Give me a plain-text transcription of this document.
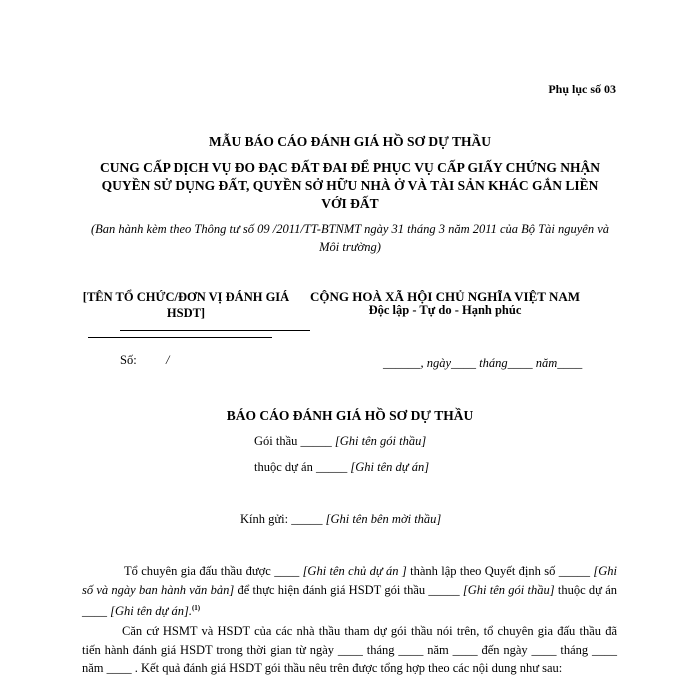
Phụ lục số 03
MẪU BÁO CÁO ĐÁNH GIÁ HỒ SƠ DỰ THẦU
CUNG CẤP DỊCH VỤ ĐO ĐẠC ĐẤT ĐAI ĐỂ PHỤC VỤ CẤP GIẤY CHỨNG NHẬN QUYỀN SỬ DỤNG ĐẤT, QUYỀN SỞ HỮU NHÀ Ở VÀ TÀI SẢN KHÁC GẮN LIỀN VỚI ĐẤT
(Ban hành kèm theo Thông tư số 09 /2011/TT-BTNMT ngày 31 tháng 3 năm 2011 của Bộ Tài nguyên và Môi trường)
[TÊN TỔ CHỨC/ĐƠN VỊ ĐÁNH GIÁ HSDT]
CỘNG HOÀ XÃ HỘI CHỦ NGHĨA VIỆT NAM
Độc lập - Tự do - Hạnh phúc
Số: /	______, ngày____ tháng____ năm____
BÁO CÁO ĐÁNH GIÁ HỒ SƠ DỰ THẦU
Gói thầu _____ [Ghi tên gói thầu]
thuộc dự án _____ [Ghi tên dự án]
Kính gửi: _____ [Ghi tên bên mời thầu]
Tổ chuyên gia đấu thầu được ____ [Ghi tên chủ dự án ] thành lập theo Quyết định số _____ [Ghi số và ngày ban hành văn bản] để thực hiện đánh giá HSDT gói thầu _____ [Ghi tên gói thầu] thuộc dự án ____ [Ghi tên dự án].$^{(1)}$
Căn cứ HSMT và HSDT của các nhà thầu tham dự gói thầu nói trên, tổ chuyên gia đấu thầu đã tiến hành đánh giá HSDT trong thời gian từ ngày ____ tháng ____ năm ____ đến ngày ____ tháng ____ năm ____ . Kết quả đánh giá HSDT gói thầu nêu trên được tổng hợp theo các nội dung như sau:
